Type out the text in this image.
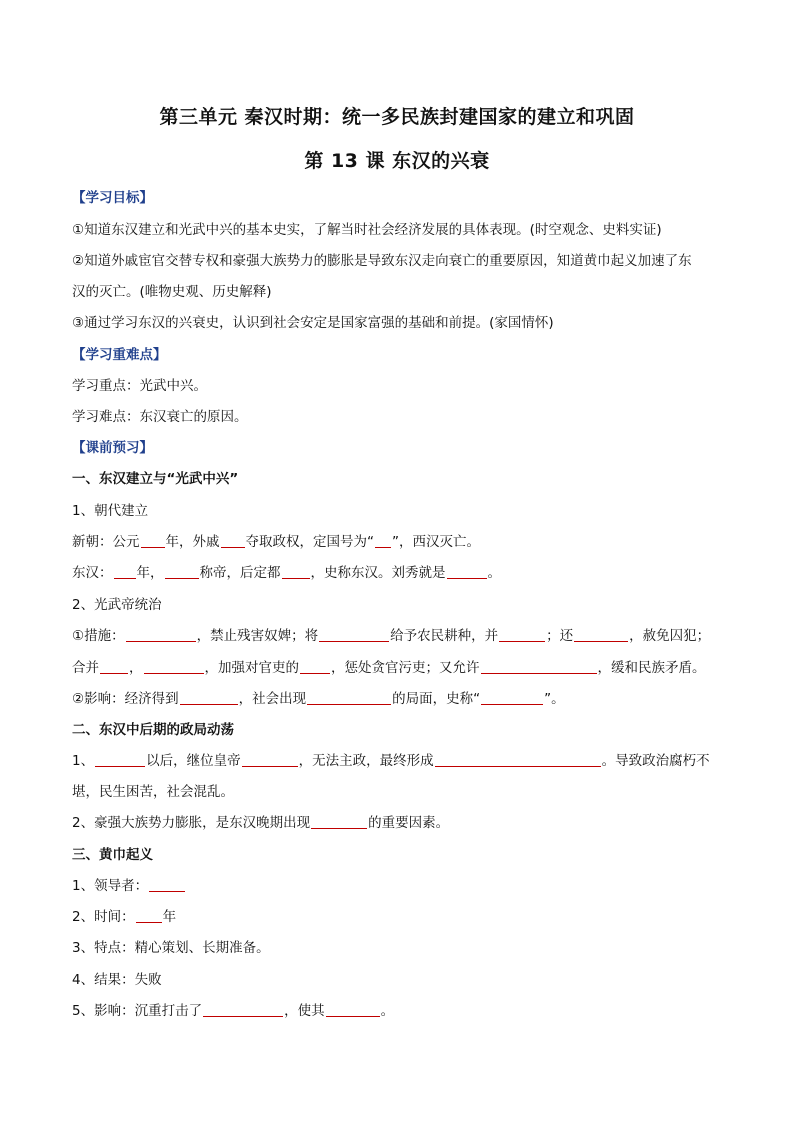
第三单元 秦汉时期：统一多民族封建国家的建立和巩固
第 13 课 东汉的兴衰
【学习目标】
①知道东汉建立和光武中兴的基本史实，了解当时社会经济发展的具体表现。(时空观念、史料实证)
②知道外戚宦官交替专权和豪强大族势力的膨胀是导致东汉走向衰亡的重要原因，知道黄巾起义加速了东
汉的灭亡。(唯物史观、历史解释)
③通过学习东汉的兴衰史，认识到社会安定是国家富强的基础和前提。(家国情怀)
【学习重难点】
学习重点：光武中兴。
学习难点：东汉衰亡的原因。
【课前预习】
一、东汉建立与“光武中兴”
1、朝代建立
新朝：公元 年，外戚 夺取政权，定国号为“ ”，西汉灭亡。
东汉： 年，	称帝，后定都 ，史称东汉。刘秀就是	。
2、光武帝统治
①措施：	，禁止残害奴婢；将	给予农民耕种，并	；还	，赦免囚犯；
合并 ，	，加强对官吏的 ，惩处贪官污吏；又允许	，缓和民族矛盾。
②影响：经济得到	，社会出现	的局面，史称“	”。
二、东汉中后期的政局动荡
1、	以后，继位皇帝	，无法主政，最终形成	。导致政治腐朽不
堪，民生困苦，社会混乱。
2、豪强大族势力膨胀，是东汉晚期出现	的重要因素。
三、黄巾起义
1、领导者：
2、时间： 年
3、特点：精心策划、长期准备。
4、结果：失败
5、影响：沉重打击了	，使其	。
